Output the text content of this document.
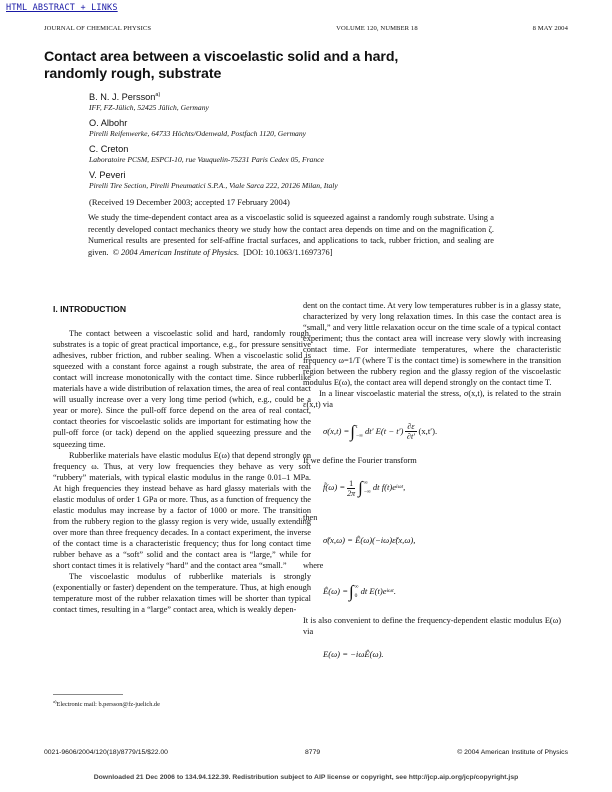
HTML ABSTRACT + LINKS
JOURNAL OF CHEMICAL PHYSICS	VOLUME 120, NUMBER 18	8 MAY 2004
Contact area between a viscoelastic solid and a hard,
randomly rough, substrate
B. N. J. Persson$^{a)}$
IFF, FZ-Jülich, 52425 Jülich, Germany
O. Albohr
Pirelli Reifenwerke, 64733 Höchts/Odenwald, Postfach 1120, Germany
C. Creton
Laboratoire PCSM, ESPCI-10, rue Vauquelin-75231 Paris Cedex 05, France
V. Peveri
Pirelli Tire Section, Pirelli Pneumatici S.P.A., Viale Sarca 222, 20126 Milan, Italy
(Received 19 December 2003; accepted 17 February 2004)
We study the time-dependent contact area as a viscoelastic solid is squeezed against a randomly rough substrate. Using a recently developed contact mechanics theory we study how the contact area depends on time and on the magnification ζ. Numerical results are presented for self-affine fractal surfaces, and applications to tack, rubber friction, and sealing are given. © 2004 American Institute of Physics. [DOI: 10.1063/1.1697376]
I. INTRODUCTION

The contact between a viscoelastic solid and hard, randomly rough, substrates is a topic of great practical importance, e.g., for pressure sensitive adhesives, rubber friction, and rubber sealing. When a viscoelastic solid is squeezed with a constant force against a rough substrate, the area of real contact will increase monotonically with the contact time. Since rubberlike materials have a wide distribution of relaxation times, the area of real contact will usually increase over a very long time period (which, e.g., could be a year or more). Since the pull-off force depend on the area of real contact, contact theories for viscoelastic solids are important for estimating how the pull-off force (or tack) depend on the applied squeezing pressure and the squeezing time.

Rubberlike materials have elastic modulus E(ω) that depend strongly on frequency ω. Thus, at very low frequencies they behave as very soft “rubbery” materials, with typical elastic modulus in the range 0.01–1 MPa. At high frequencies they instead behave as hard glassy materials with the elastic modulus of order 1 GPa or more. Thus, as a function of frequency the elastic modulus may increase by a factor of 1000 or more. The transition from the rubbery region to the glassy region is very wide, usually extending over more than three frequency decades. In a contact experiment, the inverse of the contact time is a characteristic frequency; thus for long contact time rubber behave as a “soft” solid and the contact area is “large,” while for short contact times it is relatively “hard” and the contact area “small.”

The viscoelastic modulus of rubberlike materials is strongly (exponentially or faster) dependent on the temperature. Thus, at high enough temperature most of the rubber relaxation times will be shorter than typical contact times, resulting in a “large” contact area, which is weakly depen-

dent on the contact time. At very low temperatures rubber is in a glassy state, characterized by very long relaxation times. In this case the contact area is “small,” and very little relaxation occur on the time scale of a typical contact experiment; thus the contact area will increase very slowly with increasing contact time. For intermediate temperatures, where the characteristic frequency ω=1/T (where T is the contact time) is somewhere in the transition region between the rubbery region and the glassy region of the viscoelastic modulus E(ω), the contact area will depend strongly on the contact time T.

In a linear viscoelastic material the stress, σ(x,t), is related to the strain ε(x,t) via

σ(x,t) = ∫ t
−∞ dt′ $E(t - t') \frac{\partial\varepsilon}{\partial t'} (x,t')$.

If we define the Fourier transform

f̃(ω) = $\frac{1}{2\pi}$ ∫ ∞
−∞ dt f(t)e iωt ,

then

σ̃(x,ω) = Ê(ω)(−iω)ε̃(x,ω),

where

Ê(ω) = ∫ ∞
0 dt E(t)e iωt .

It is also convenient to define the frequency-dependent elastic modulus E(ω) via

E(ω) = −iωÊ(ω).
$^{a)}$Electronic mail: b.persson@fz-juelich.de
0021-9606/2004/120(18)/8779/15/$22.00	8779	© 2004 American Institute of Physics
Downloaded 21 Dec 2006 to 134.94.122.39. Redistribution subject to AIP license or copyright, see http://jcp.aip.org/jcp/copyright.jsp
